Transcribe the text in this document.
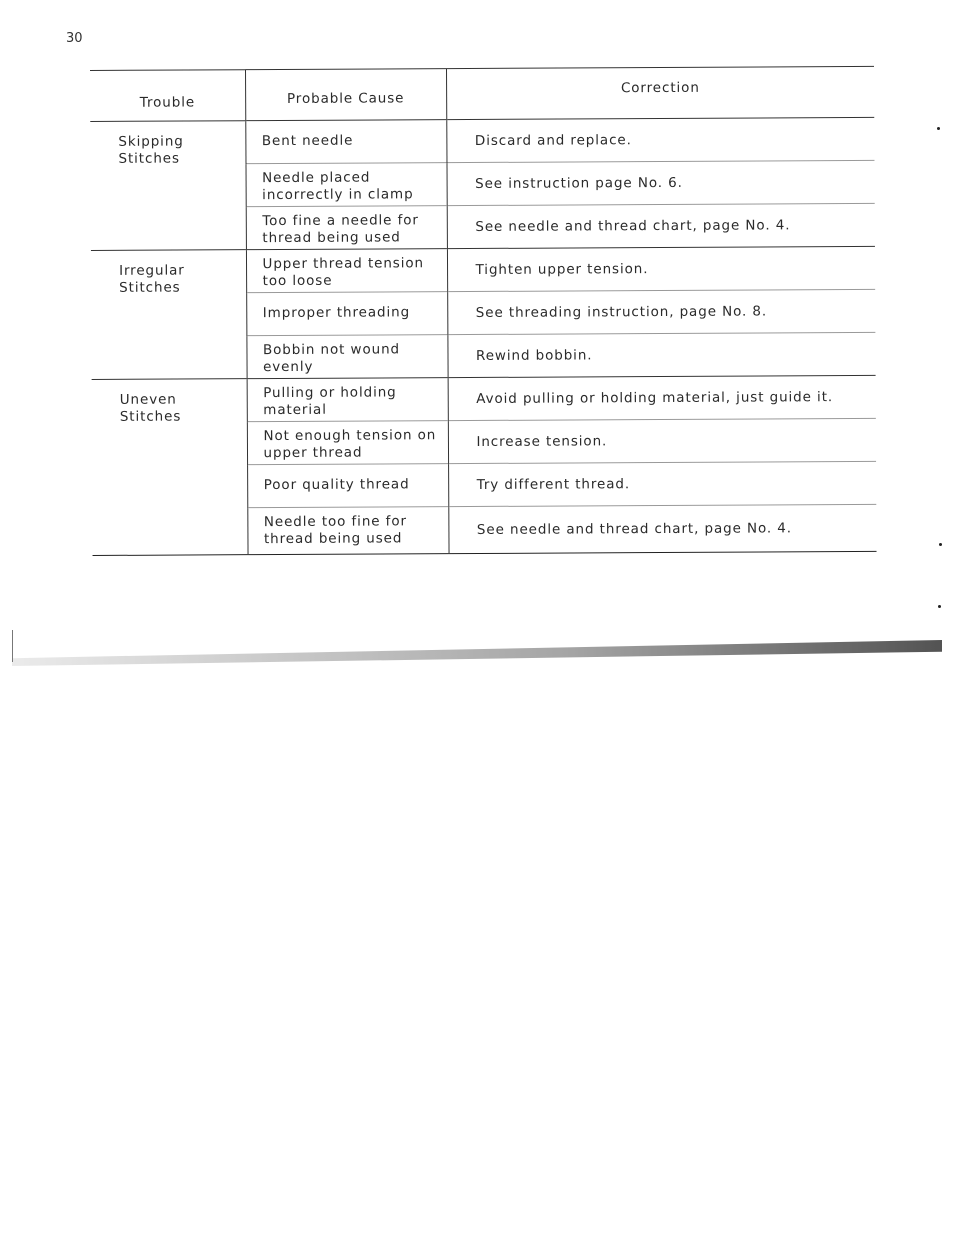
30
Trouble	Probable Cause	Correction

Skipping
Stitches	Bent needle	Discard and replace.

	Needle placed incorrectly in clamp	See instruction page No. 6.

	Too fine a needle for thread being used	See needle and thread chart, page No. 4.

Irregular
Stitches	Upper thread tension too loose	Tighten upper tension.

	Improper threading	See threading instruction, page No. 8.

	Bobbin not wound evenly	Rewind bobbin.

Uneven
Stitches	Pulling or holding material	Avoid pulling or holding material, just guide it.

	Not enough tension on upper thread	Increase tension.

	Poor quality thread	Try different thread.

	Needle too fine for thread being used	See needle and thread chart, page No. 4.
